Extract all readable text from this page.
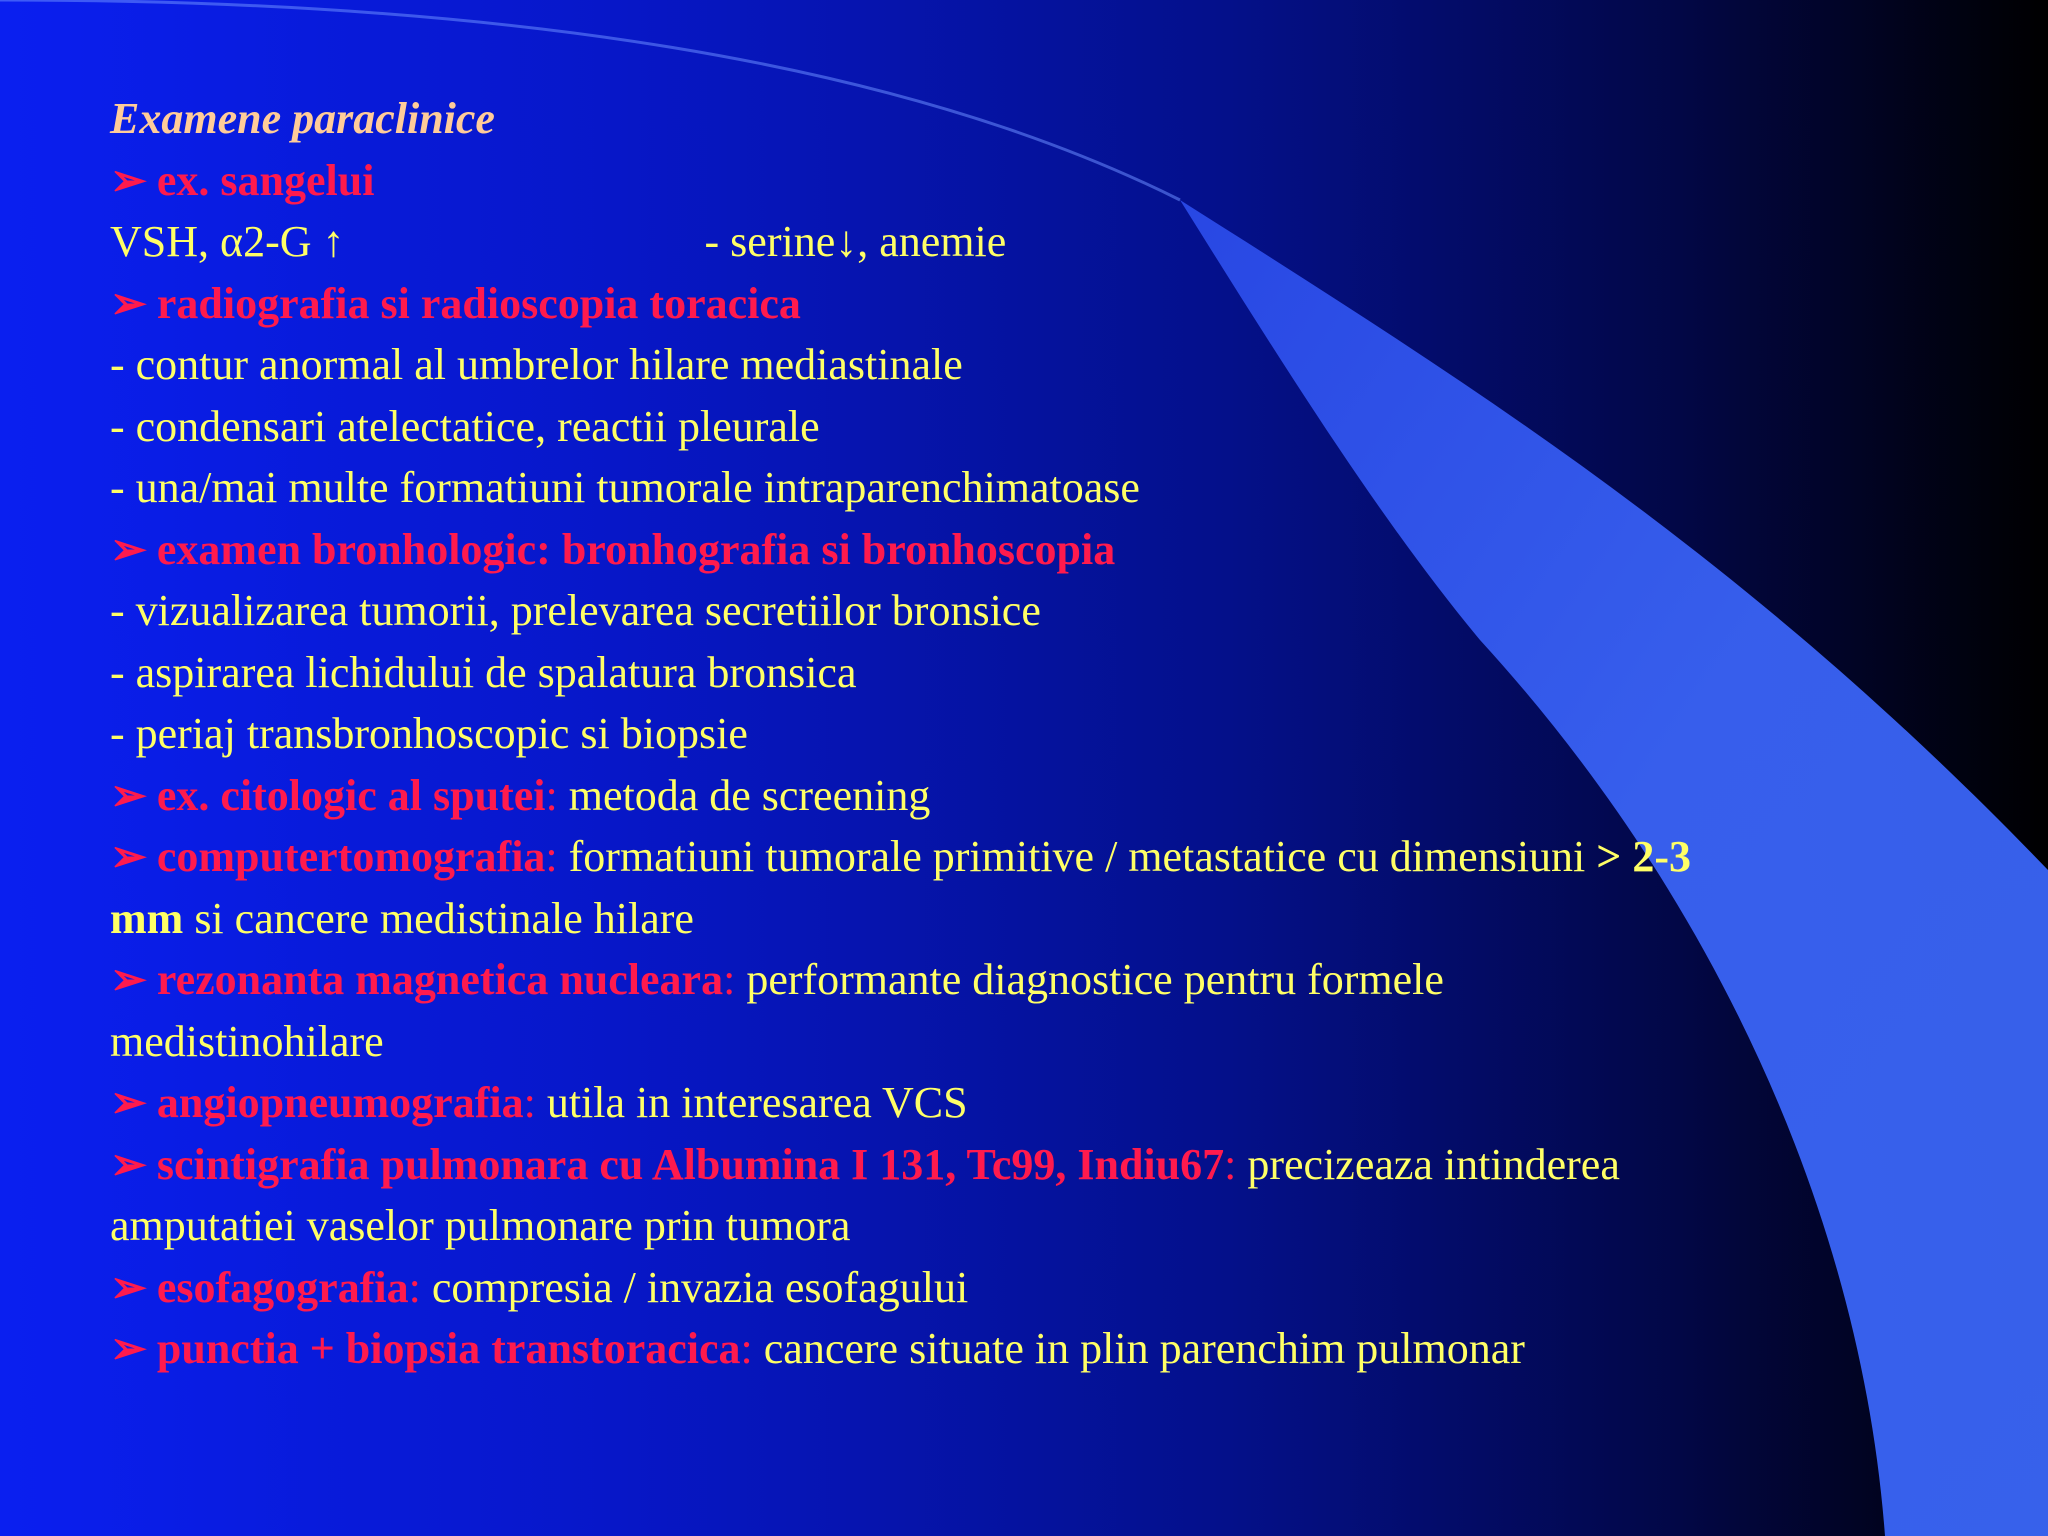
Examene paraclinice
➢ ex. sangelui
VSH, α2-G ↑	- serine↓, anemie
➢ radiografia si radioscopia toracica
- contur anormal al umbrelor hilare mediastinale
- condensari atelectatice, reactii pleurale
- una/mai multe formatiuni tumorale intraparenchimatoase
➢ examen bronhologic: bronhografia si bronhoscopia
- vizualizarea tumorii, prelevarea secretiilor bronsice
- aspirarea lichidului de spalatura bronsica
- periaj transbronhoscopic si biopsie
➢ ex. citologic al sputei: metoda de screening
➢ computertomografia: formatiuni tumorale primitive / metastatice cu dimensiuni > 2-3
mm si cancere medistinale hilare
➢ rezonanta magnetica nucleara: performante diagnostice pentru formele
medistinohilare
➢ angiopneumografia: utila in interesarea VCS
➢ scintigrafia pulmonara cu Albumina I 131, Tc99, Indiu67: precizeaza intinderea
amputatiei vaselor pulmonare prin tumora
➢ esofagografia: compresia / invazia esofagului
➢ punctia + biopsia transtoracica: cancere situate in plin parenchim pulmonar
